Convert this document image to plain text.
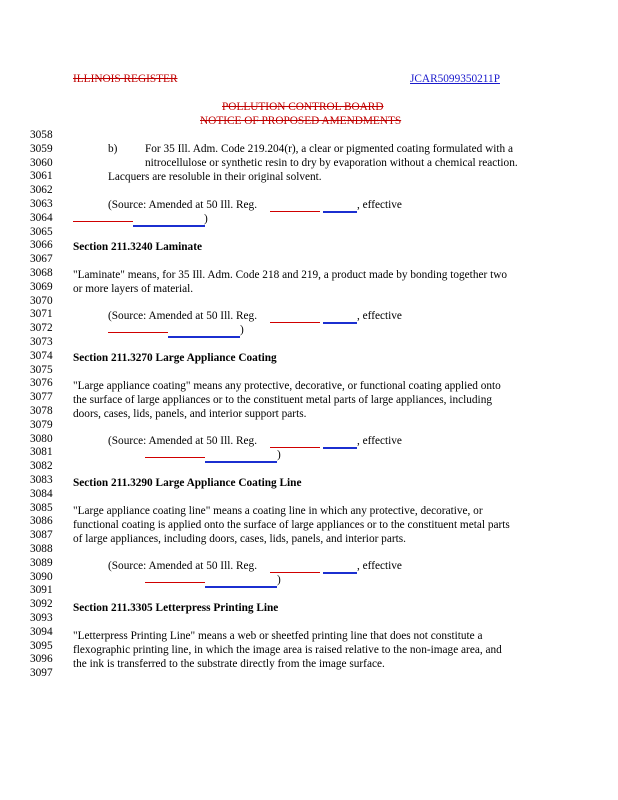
ILLINOIS REGISTER	JCAR5099350211P
POLLUTION CONTROL BOARD
NOTICE OF PROPOSED AMENDMENTS
3058
3059
3060
3061
3062
3063
3064
3065
3066
3067
3068
3069
3070
3071
3072
3073
3074
3075
3076
3077
3078
3079
3080
3081
3082
3083
3084
3085
3086
3087
3088
3089
3090
3091
3092
3093
3094
3095
3096
3097
b) For 35 Ill. Adm. Code 219.204(r), a clear or pigmented coating formulated with a
nitrocellulose or synthetic resin to dry by evaporation without a chemical reaction.
Lacquers are resoluble in their original solvent.
(Source: Amended at 50 Ill. Reg.	, effective
)
Section 211.3240 Laminate
"Laminate" means, for 35 Ill. Adm. Code 218 and 219, a product made by bonding together two
or more layers of material.
(Source: Amended at 50 Ill. Reg.	, effective
)
Section 211.3270 Large Appliance Coating
"Large appliance coating" means any protective, decorative, or functional coating applied onto
the surface of large appliances or to the constituent metal parts of large appliances, including
doors, cases, lids, panels, and interior support parts.
(Source: Amended at 50 Ill. Reg.	, effective
)
Section 211.3290 Large Appliance Coating Line
"Large appliance coating line" means a coating line in which any protective, decorative, or
functional coating is applied onto the surface of large appliances or to the constituent metal parts
of large appliances, including doors, cases, lids, panels, and interior parts.
(Source: Amended at 50 Ill. Reg.	, effective
)
Section 211.3305 Letterpress Printing Line
"Letterpress Printing Line" means a web or sheetfed printing line that does not constitute a
flexographic printing line, in which the image area is raised relative to the non-image area, and
the ink is transferred to the substrate directly from the image surface.
